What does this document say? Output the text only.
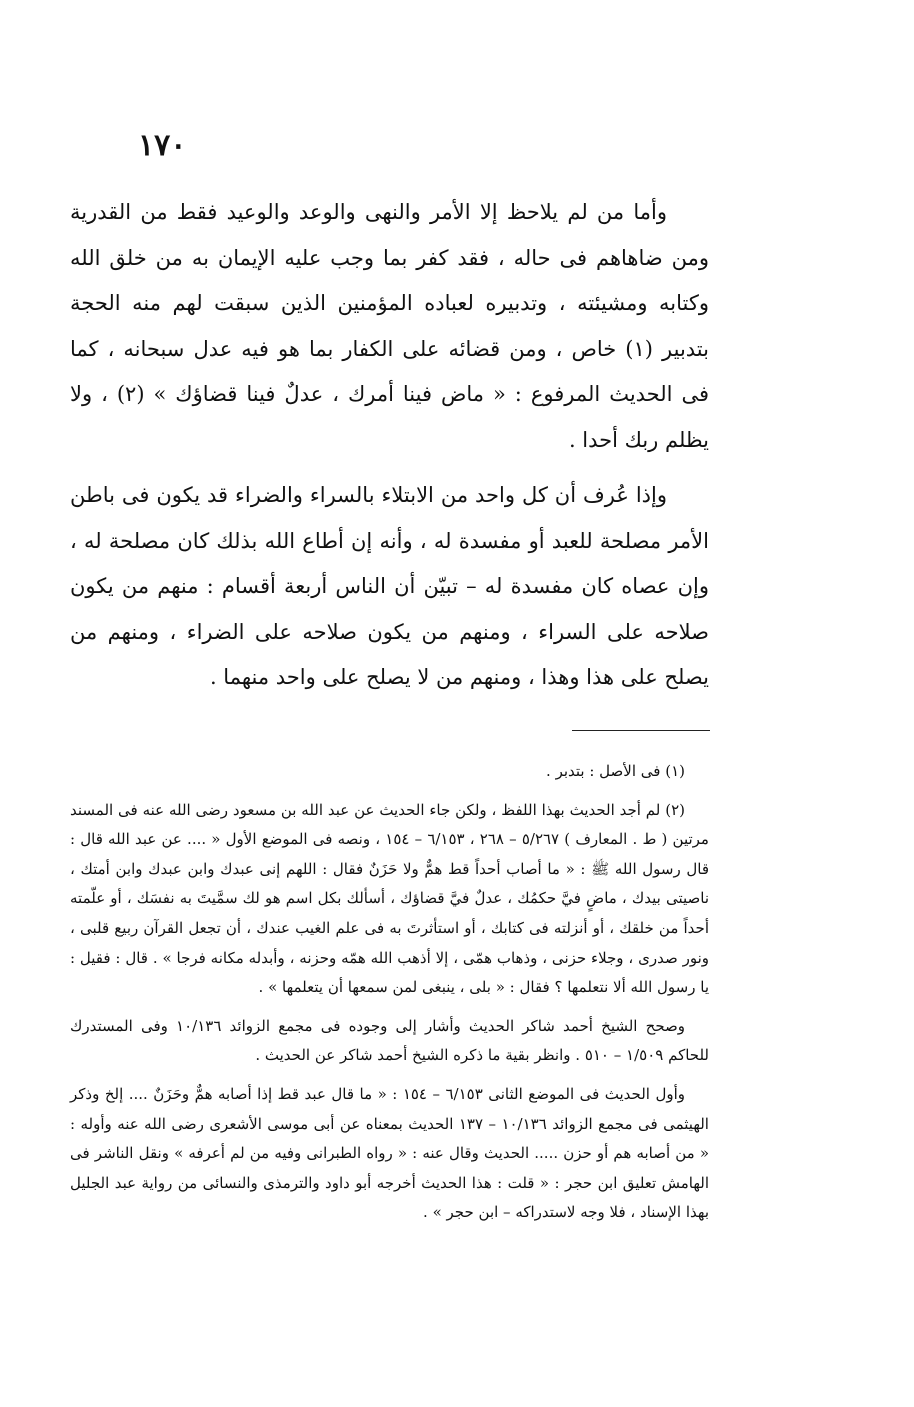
١٧٠

وأما من لم يلاحظ إلا الأمر والنهى والوعد والوعيد فقط من القدرية ومن ضاهاهم فى حاله ، فقد كفر بما وجب عليه الإيمان به من خلق الله وكتابه ومشيئته ، وتدبيره لعباده المؤمنين الذين سبقت لهم منه الحجة بتدبير (١) خاص ، ومن قضائه على الكفار بما هو فيه عدل سبحانه ، كما فى الحديث المرفوع : « ماض فينا أمرك ، عدلٌ فينا قضاؤك » (٢) ، ولا يظلم ربك أحدا .

وإذا عُرف أن كل واحد من الابتلاء بالسراء والضراء قد يكون فى باطن الأمر مصلحة للعبد أو مفسدة له ، وأنه إن أطاع الله بذلك كان مصلحة له ، وإن عصاه كان مفسدة له – تبيّن أن الناس أربعة أقسام : منهم من يكون صلاحه على السراء ، ومنهم من يكون صلاحه على الضراء ، ومنهم من يصلح على هذا وهذا ، ومنهم من لا يصلح على واحد منهما .

(١) فى الأصل : بتدبر .

(٢) لم أجد الحديث بهذا اللفظ ، ولكن جاء الحديث عن عبد الله بن مسعود رضى الله عنه فى المسند مرتين ( ط . المعارف ) ٥/٢٦٧ – ٢٦٨ ، ٦/١٥٣ – ١٥٤ ، ونصه فى الموضع الأول « .... عن عبد الله قال : قال رسول الله ﷺ : « ما أصاب أحداً قط همٌّ ولا حَزَنٌ فقال : اللهم إنى عبدك وابن عبدك وابن أمتك ، ناصيتى بيدك ، ماضٍ فيَّ حكمُك ، عدلٌ فيَّ قضاؤك ، أسألك بكل اسم هو لك سمَّيتَ به نفسَك ، أو علّمته أحداً من خلقك ، أو أنزلته فى كتابك ، أو استأثرتَ به فى علم الغيب عندك ، أن تجعل القرآن ربيع قلبى ، ونور صدرى ، وجلاء حزنى ، وذهاب همّى ، إلا أذهب الله همّه وحزنه ، وأبدله مكانه فرجا » . قال : فقيل : يا رسول الله ألا نتعلمها ؟ فقال : « بلى ، ينبغى لمن سمعها أن يتعلمها » .

وصحح الشيخ أحمد شاكر الحديث وأشار إلى وجوده فى مجمع الزوائد ١٠/١٣٦ وفى المستدرك للحاكم ١/٥٠٩ – ٥١٠ . وانظر بقية ما ذكره الشيخ أحمد شاكر عن الحديث .

وأول الحديث فى الموضع الثانى ٦/١٥٣ – ١٥٤ : « ما قال عبد قط إذا أصابه همٌّ وحَزَنٌ .... إلخ وذكر الهيثمى فى مجمع الزوائد ١٠/١٣٦ – ١٣٧ الحديث بمعناه عن أبى موسى الأشعرى رضى الله عنه وأوله : « من أصابه هم أو حزن ..... الحديث وقال عنه : « رواه الطبرانى وفيه من لم أعرفه » ونقل الناشر فى الهامش تعليق ابن حجر : « قلت : هذا الحديث أخرجه أبو داود والترمذى والنسائى من رواية عبد الجليل بهذا الإسناد ، فلا وجه لاستدراكه – ابن حجر » .
